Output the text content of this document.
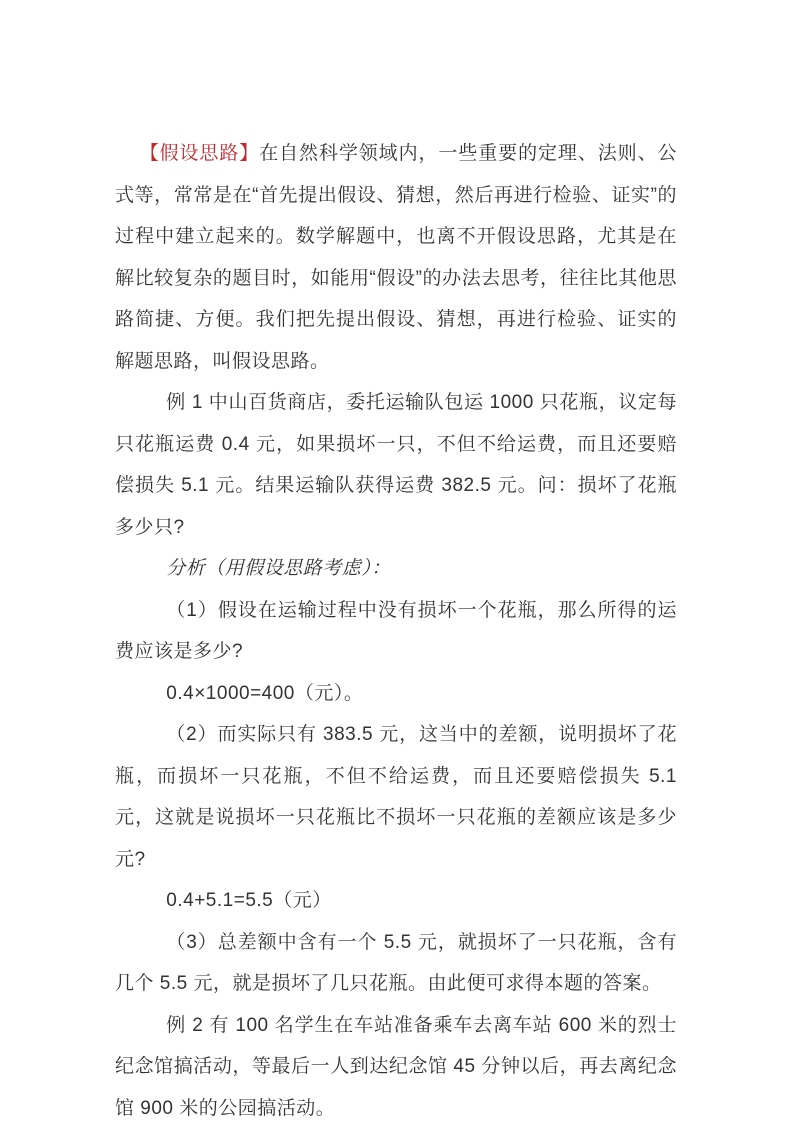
【假设思路】在自然科学领域内，一些重要的定理、法则、公式等，常常是在“首先提出假设、猜想，然后再进行检验、证实”的过程中建立起来的。数学解题中，也离不开假设思路，尤其是在解比较复杂的题目时，如能用“假设”的办法去思考，往往比其他思路简捷、方便。我们把先提出假设、猜想，再进行检验、证实的解题思路，叫假设思路。

例 1 中山百货商店，委托运输队包运 1000 只花瓶，议定每只花瓶运费 0.4 元，如果损坏一只，不但不给运费，而且还要赔偿损失 5.1 元。结果运输队获得运费 382.5 元。问：损坏了花瓶多少只?

分析（用假设思路考虑）：

（1）假设在运输过程中没有损坏一个花瓶，那么所得的运费应该是多少?

0.4×1000=400（元）。

（2）而实际只有 383.5 元，这当中的差额，说明损坏了花瓶，而损坏一只花瓶，不但不给运费，而且还要赔偿损失 5.1 元，这就是说损坏一只花瓶比不损坏一只花瓶的差额应该是多少元?

0.4+5.1=5.5（元）

（3）总差额中含有一个 5.5 元，就损坏了一只花瓶，含有几个 5.5 元，就是损坏了几只花瓶。由此便可求得本题的答案。

例 2 有 100 名学生在车站准备乘车去离车站 600 米的烈士纪念馆搞活动，等最后一人到达纪念馆 45 分钟以后，再去离纪念馆 900 米的公园搞活动。
